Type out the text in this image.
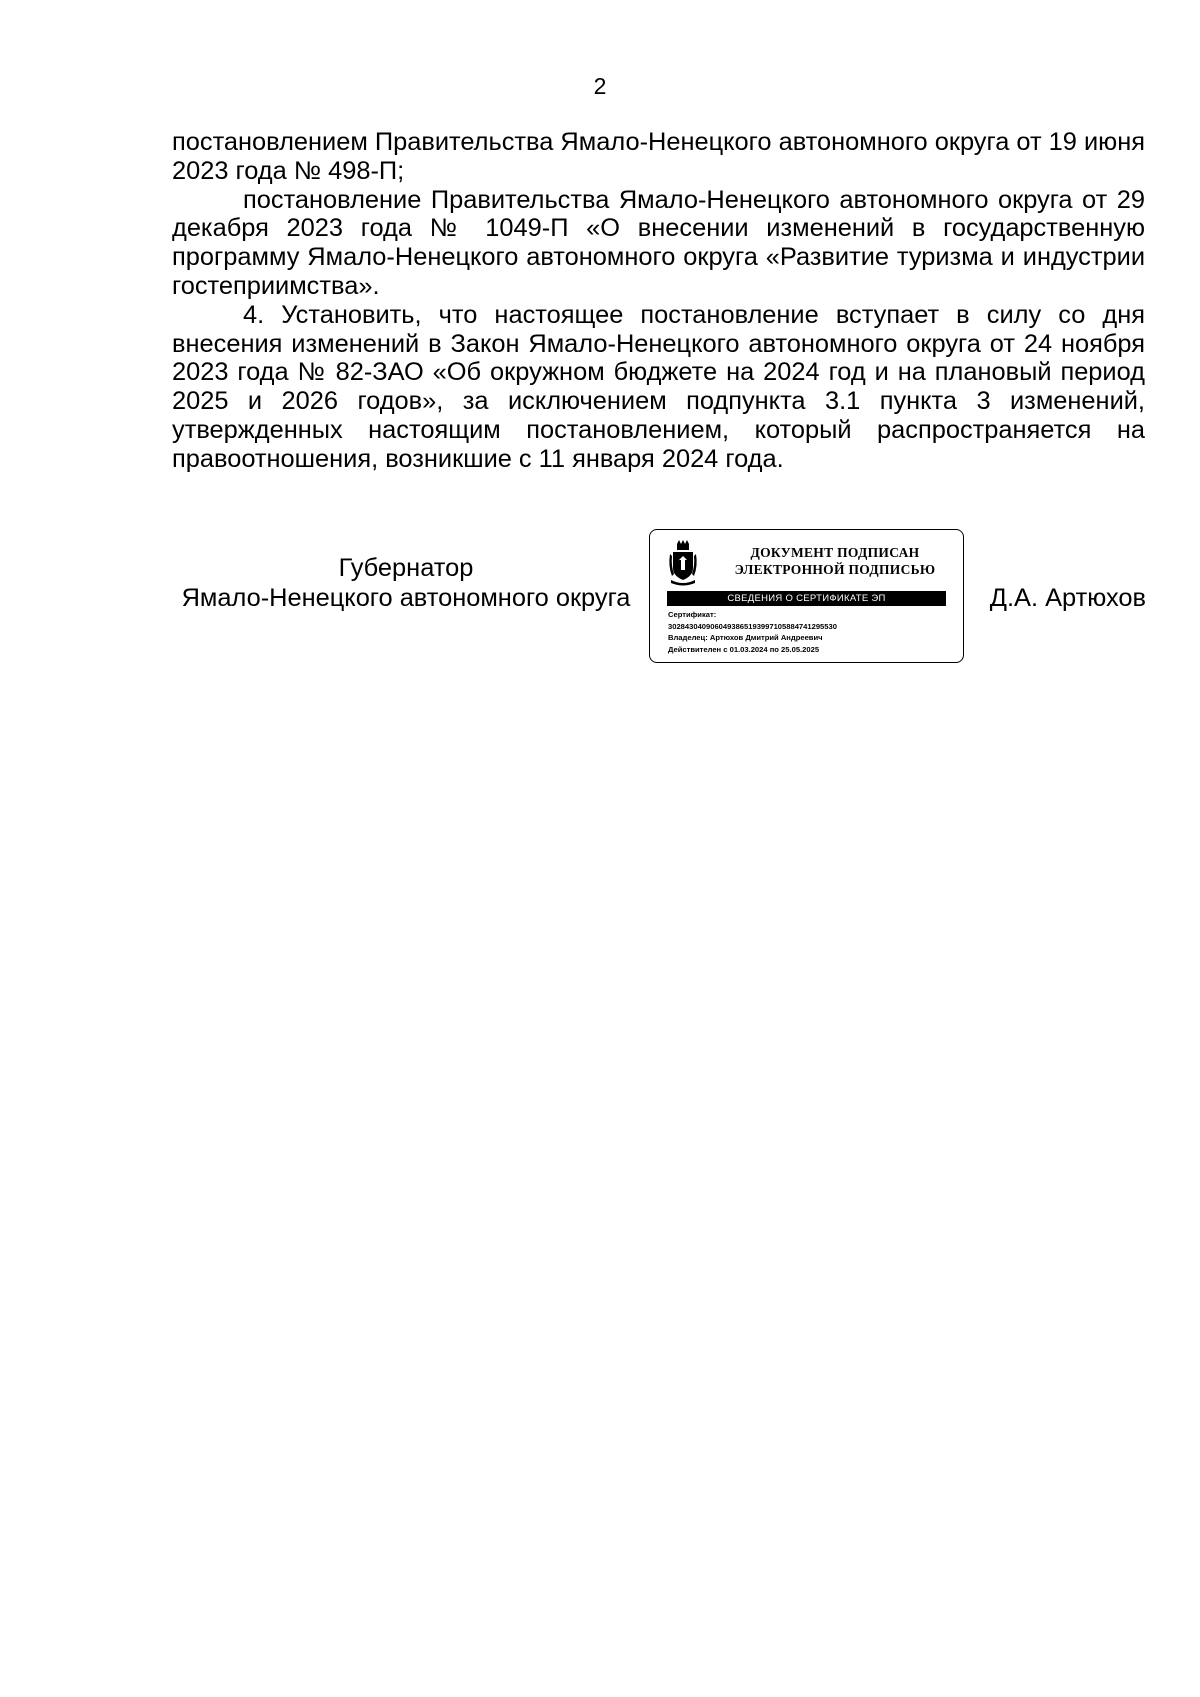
2

постановлением Правительства Ямало-Ненецкого автономного округа от 19 июня 2023 года № 498-П;

постановление Правительства Ямало-Ненецкого автономного округа от 29 декабря 2023 года № 1049-П «О внесении изменений в государственную программу Ямало-Ненецкого автономного округа «Развитие туризма и индустрии гостеприимства».

4. Установить, что настоящее постановление вступает в силу со дня внесения изменений в Закон Ямало-Ненецкого автономного округа от 24 ноября 2023 года № 82-ЗАО «Об окружном бюджете на 2024 год и на плановый период 2025 и 2026 годов», за исключением подпункта 3.1 пункта 3 изменений, утвержденных настоящим постановлением, который распространяется на правоотношения, возникшие с 11 января 2024 года.

Губернатор
Ямало-Ненецкого автономного округа
ДОКУМЕНТ ПОДПИСАН
ЭЛЕКТРОННОЙ ПОДПИСЬЮ
СВЕДЕНИЯ О СЕРТИФИКАТЕ ЭП
Сертификат:
3028430409060493865193997105884741295530
Владелец: Артюхов Дмитрий Андреевич
Действителен с 01.03.2024 по 25.05.2025
Д.А. Артюхов
